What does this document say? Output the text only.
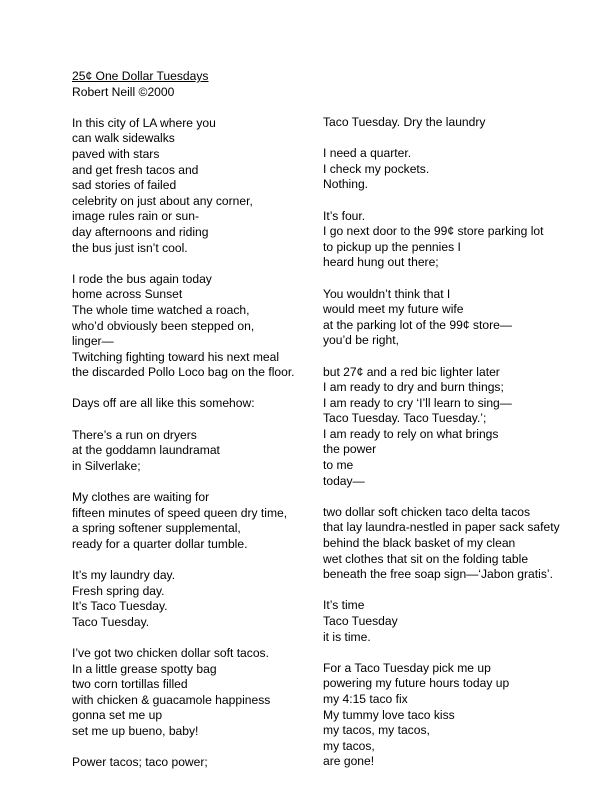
25¢ One Dollar Tuesdays
Robert Neill ©2000
In this city of LA where you
can walk sidewalks
paved with stars
and get fresh tacos and
sad stories of failed
celebrity on just about any corner,
image rules rain or sun-
day afternoons and riding
the bus just isn’t cool.
I rode the bus again today
home across Sunset
The whole time watched a roach,
who’d obviously been stepped on,
linger—
Twitching fighting toward his next meal
the discarded Pollo Loco bag on the floor.
Days off are all like this somehow:
There’s a run on dryers
at the goddamn laundramat
in Silverlake;
My clothes are waiting for
fifteen minutes of speed queen dry time,
a spring softener supplemental,
ready for a quarter dollar tumble.
It’s my laundry day.
Fresh spring day.
It’s Taco Tuesday.
Taco Tuesday.
I’ve got two chicken dollar soft tacos.
In a little grease spotty bag
two corn tortillas filled
with chicken & guacamole happiness
gonna set me up
set me up bueno, baby!
Power tacos; taco power;
Taco Tuesday. Dry the laundry
I need a quarter.
I check my pockets.
Nothing.
It’s four.
I go next door to the 99¢ store parking lot
to pickup up the pennies I
heard hung out there;
You wouldn’t think that I
would meet my future wife
at the parking lot of the 99¢ store—
you’d be right,
but 27¢ and a red bic lighter later
I am ready to dry and burn things;
I am ready to cry ‘I’ll learn to sing—
Taco Tuesday. Taco Tuesday.’;
I am ready to rely on what brings
the power
to me
today—
two dollar soft chicken taco delta tacos
that lay laundra-nestled in paper sack safety
behind the black basket of my clean
wet clothes that sit on the folding table
beneath the free soap sign—‘Jabon gratis’.
It’s time
Taco Tuesday
it is time.
For a Taco Tuesday pick me up
powering my future hours today up
my 4:15 taco fix
My tummy love taco kiss
my tacos, my tacos,
my tacos,
are gone!
